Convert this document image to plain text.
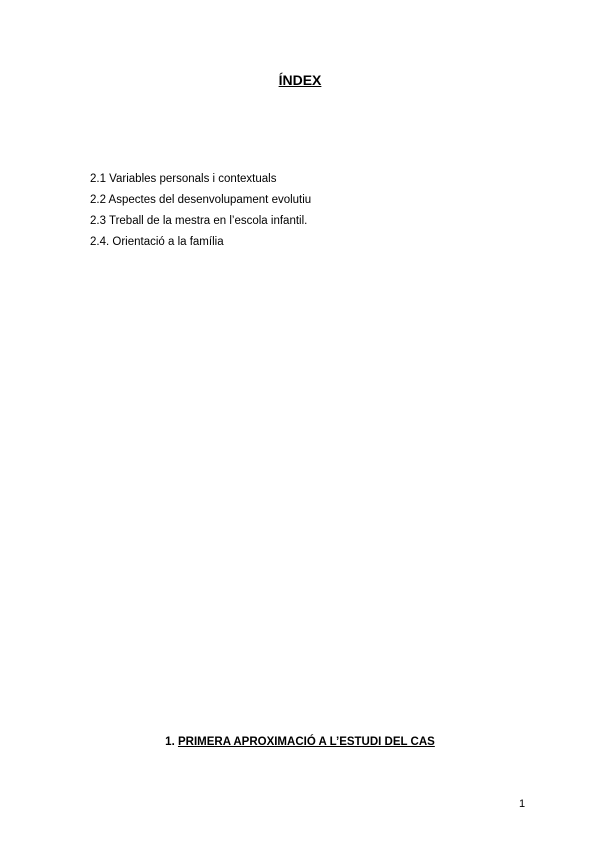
ÍNDEX
2.1 Variables personals i contextuals
2.2 Aspectes del desenvolupament evolutiu
2.3 Treball de la mestra en l’escola infantil.
2.4. Orientació a la família
1. PRIMERA APROXIMACIÓ A L’ESTUDI DEL CAS
1
